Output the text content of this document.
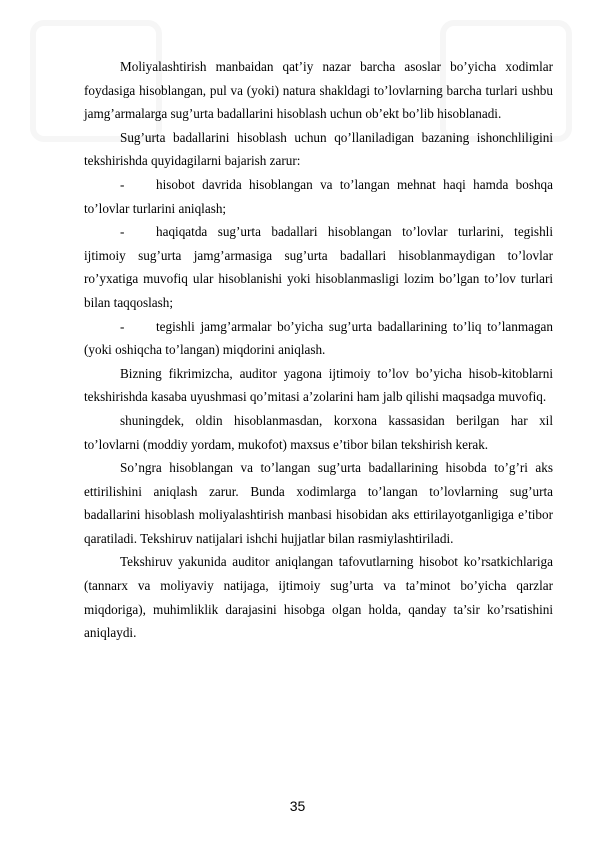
Moliyalashtirish manbaidan qat’iy nazar barcha asoslar bo’yicha xodimlar foydasiga hisoblangan, pul va (yoki) natura shakldagi to’lovlarning barcha turlari ushbu jamg’armalarga sug’urta badallarini hisoblash uchun ob’ekt bo’lib hisoblanadi.

Sug’urta badallarini hisoblash uchun qo’llaniladigan bazaning ishonchliligini tekshirishda quyidagilarni bajarish zarur:

- hisobot davrida hisoblangan va to’langan mehnat haqi hamda boshqa to’lovlar turlarini aniqlash;

- haqiqatda sug’urta badallari hisoblangan to’lovlar turlarini, tegishli ijtimoiy sug’urta jamg’armasiga sug’urta badallari hisoblanmaydigan to’lovlar ro’yxatiga muvofiq ular hisoblanishi yoki hisoblanmasligi lozim bo’lgan to’lov turlari bilan taqqoslash;

- tegishli jamg’armalar bo’yicha sug’urta badallarining to’liq to’lanmagan (yoki oshiqcha to’langan) miqdorini aniqlash.

Bizning fikrimizcha, auditor yagona ijtimoiy to’lov bo’yicha hisob-kitoblarni tekshirishda kasaba uyushmasi qo’mitasi a’zolarini ham jalb qilishi maqsadga muvofiq.

shuningdek, oldin hisoblanmasdan, korxona kassasidan berilgan har xil to’lovlarni (moddiy yordam, mukofot) maxsus e’tibor bilan tekshirish kerak.

So’ngra hisoblangan va to’langan sug’urta badallarining hisobda to’g’ri aks ettirilishini aniqlash zarur. Bunda xodimlarga to’langan to’lovlarning sug’urta badallarini hisoblash moliyalashtirish manbasi hisobidan aks ettirilayotganligiga e’tibor qaratiladi. Tekshiruv natijalari ishchi hujjatlar bilan rasmiylashtiriladi.

Tekshiruv yakunida auditor aniqlangan tafovutlarning hisobot ko’rsatkichlariga (tannarx va moliyaviy natijaga, ijtimoiy sug’urta va ta’minot bo’yicha qarzlar miqdoriga), muhimliklik darajasini hisobga olgan holda, qanday ta’sir ko’rsatishini aniqlaydi.

35
